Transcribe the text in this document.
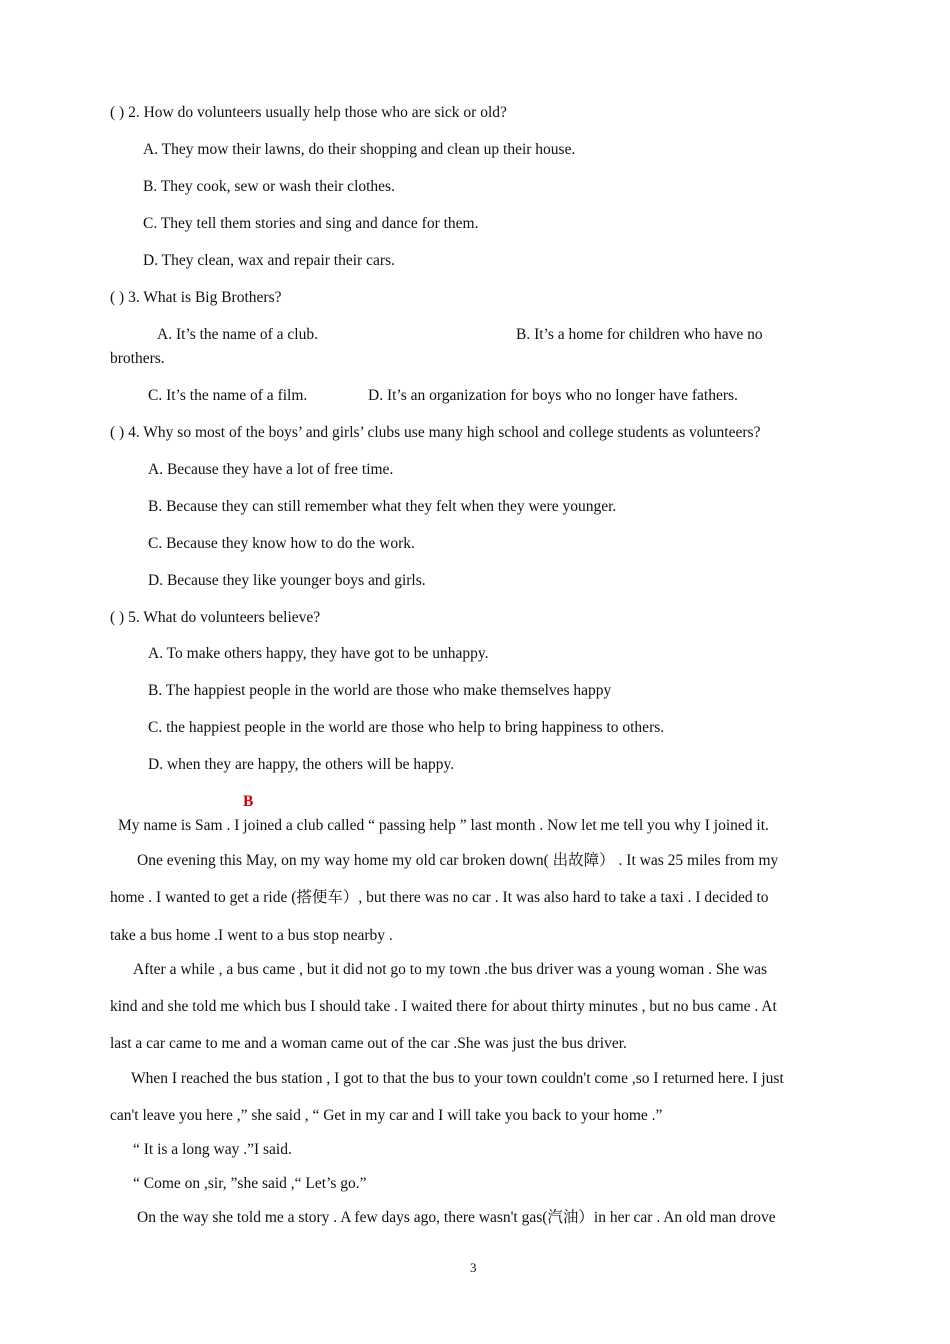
( ) 2. How do volunteers usually help those who are sick or old?
A. They mow their lawns, do their shopping and clean up their house.
B. They cook, sew or wash their clothes.
C. They tell them stories and sing and dance for them.
D. They clean, wax and repair their cars.
( ) 3. What is Big Brothers?
A. It’s the name of a club.	B. It’s a home for children who have no
brothers.
C. It’s the name of a film.	D. It’s an organization for boys who no longer have fathers.
( ) 4. Why so most of the boys’ and girls’ clubs use many high school and college students as volunteers?
A. Because they have a lot of free time.
B. Because they can still remember what they felt when they were younger.
C. Because they know how to do the work.
D. Because they like younger boys and girls.
( ) 5. What do volunteers believe?
A. To make others happy, they have got to be unhappy.
B. The happiest people in the world are those who make themselves happy
C. the happiest people in the world are those who help to bring happiness to others.
D. when they are happy, the others will be happy.
B
My name is Sam . I joined a club called “ passing help ” last month . Now let me tell you why I joined it.
One evening this May, on my way home my old car broken down( 出故障） . It was 25 miles from my
home . I wanted to get a ride (搭便车）, but there was no car . It was also hard to take a taxi . I decided to
take a bus home .I went to a bus stop nearby .
After a while , a bus came , but it did not go to my town .the bus driver was a young woman . She was
kind and she told me which bus I should take . I waited there for about thirty minutes , but no bus came . At
last a car came to me and a woman came out of the car .She was just the bus driver.
When I reached the bus station , I got to that the bus to your town couldn't come ,so I returned here. I just
can't leave you here ,” she said , “ Get in my car and I will take you back to your home .”
“ It is a long way .”I said.
“ Come on ,sir, ”she said ,“ Let’s go.”
On the way she told me a story . A few days ago, there wasn't gas(汽油）in her car . An old man drove
3
